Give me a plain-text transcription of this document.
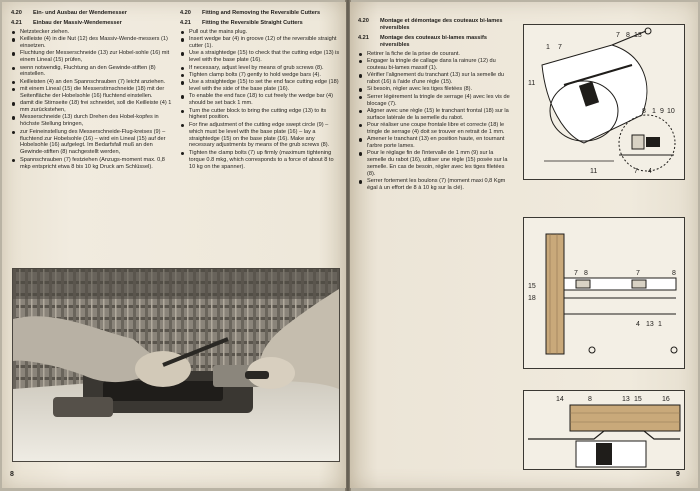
4.20	Ein- und Ausbau der Wendemesser
4.21	Einbau der Massiv-Wendemesser
Netzstecker ziehen.
Keilleiste (4) in die Nut (12) des Massiv-Wende-messers (1) einsetzen.
Fluchtung der Messerschneide (13) zur Hobel-sohle (16) mit einem Lineal (15) prüfen,
wenn notwendig, Fluchtung an den Gewinde-stiften (8) einstellen.
Keilleisten (4) an den Spannschrauben (7) leicht anziehen.
mit einem Lineal (15) die Messerstirnschneide (18) mit der Seitenfläche der Hobelsohle (16) fluchtend einstellen.
damit die Stirnseite (18) frei schneidet, soll die Keilleiste (4) 1 mm zurückstehen,
Messerschneide (13) durch Drehen des Hobel-kopfes in höchste Stellung bringen,
zur Feineinstellung des Messerschneide-Flug-kreises (9) – fluchtend zur Hobelsohle (16) – wird ein Lineal (15) auf der Hobelsohle (16) aufgelegt. Im Bedarfsfall muß an den Gewinde-stiften (8) nachgestellt werden,
Spannschrauben (7) festziehen (Anzugs-moment max. 0,8 mkp entspricht etwa 8 bis 10 kg Druck am Schlüssel).
4.20	Fitting and Removing the Reversible Cutters
4.21	Fitting the Reversible Straight Cutters
Pull out the mains plug.
Insert wedge bar (4) in groove (12) of the reversible straight cutter (1).
Use a straightedge (15) to check that the cutting edge (13) is level with the base plate (16).
If necessary, adjust level by means of grub screws (8).
Tighten clamp bolts (7) gently to hold wedge bars (4).
Use a straightedge (15) to set the end face cutting edge (18) level with the side of the base plate (16).
To enable the end face (18) to cut freely the wedge bar (4) should be set back 1 mm.
Turn the cutter block to bring the cutting edge (13) to its highest position.
For fine adjustment of the cutting edge swept circle (9) – which must be level with the base plate (16) – lay a straightedge (15) on the base plate (16). Make any necessary adjustments by means of the grub screws (8).
Tighten the clamp bolts (7) up firmly (maximum tightening torque 0.8 mkg, which corresponds to a force of about 8 to 10 kg on the spanner).
8
4.20	Montage et démontage des couteaux bi-lames réversibles
4.21	Montage des couteaux bi-lames massifs réversibles
Retirer la fiche de la prise de courant.
Engager la tringle de callage dans la rainure (12) du couteau bi-lames massif (1).
Vérifier l'alignement du tranchant (13) sur la semelle du rabot (16) à l'aide d'une règle (15).
Si besoin, régler avec les tiges filetées (8).
Serrer légèrement la tringle de serrage (4) avec les vis de blocage (7).
Aligner avec une règle (15) le tranchant frontal (18) sur la surface latérale de la semelle du rabot.
Pour réaliser une coupe frontale libre et correcte (18) le tringle de serrage (4) doit se trouver en retrait de 1 mm.
Amener le tranchant (13) en position haute, en tournant l'arbre porte lames.
Pour le réglage fin de l'intervalle de 1 mm (9) sur la semelle du rabot (16), utiliser une règle (15) posée sur la semelle. En cas de besoin, régler avec les tiges filetées (8).
Serrer fortement les boulons (7) (moment maxi 0,8 Kgm égal à un effort de 8 à 10 kg sur la clé).
7 8 13
1 7
11
8 1 9 10
11	7 4
7 8	7	8
15
18
4 13 1
14	8	13 15	16
9
